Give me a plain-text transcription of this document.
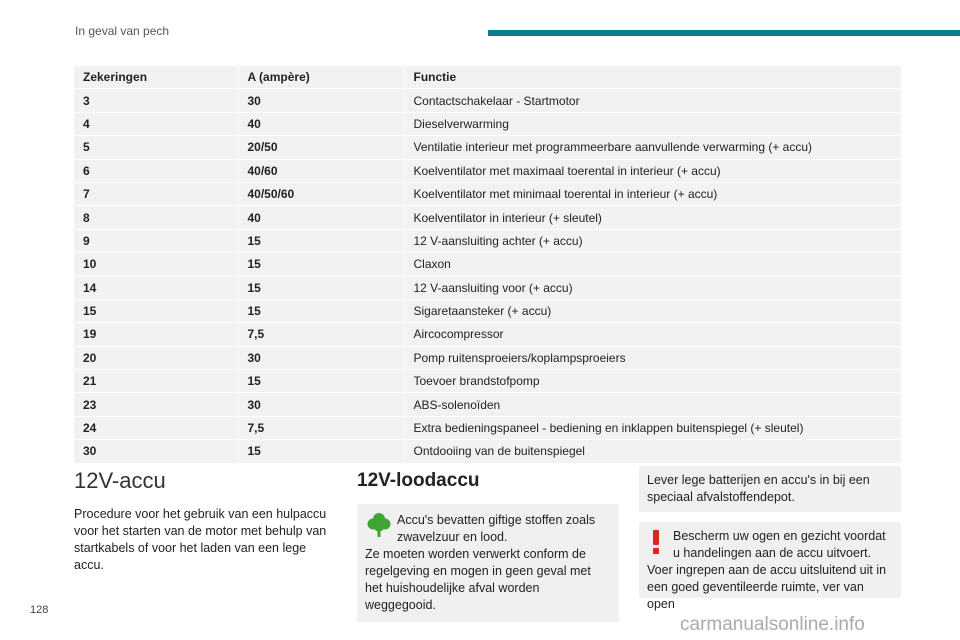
In geval van pech
Zekeringen	A (ampère)	Functie
3	30	Contactschakelaar - Startmotor
4	40	Dieselverwarming
5	20/50	Ventilatie interieur met programmeerbare aanvullende verwarming (+ accu)
6	40/60	Koelventilator met maximaal toerental in interieur (+ accu)
7	40/50/60	Koelventilator met minimaal toerental in interieur (+ accu)
8	40	Koelventilator in interieur (+ sleutel)
9	15	12 V-aansluiting achter (+ accu)
10	15	Claxon
14	15	12 V-aansluiting voor (+ accu)
15	15	Sigaretaansteker (+ accu)
19	7,5	Aircocompressor
20	30	Pomp ruitensproeiers/koplampsproeiers
21	15	Toevoer brandstofpomp
23	30	ABS-solenoïden
24	7,5	Extra bedieningspaneel - bediening en inklappen buitenspiegel (+ sleutel)
30	15	Ontdooiing van de buitenspiegel
12V-accu

Procedure voor het gebruik van een hulpaccu voor het starten van de motor met behulp van startkabels of voor het laden van een lege accu.

12V-loodaccu
Accu's bevatten giftige stoffen zoals zwavelzuur en lood.
Ze moeten worden verwerkt conform de regelgeving en mogen in geen geval met het huishoudelijke afval worden weggegooid.
Lever lege batterijen en accu's in bij een speciaal afvalstoffendepot.
Bescherm uw ogen en gezicht voordat u handelingen aan de accu uitvoert.
Voer ingrepen aan de accu uitsluitend uit in een goed geventileerde ruimte, ver van open
128
carmanualsonline.info
